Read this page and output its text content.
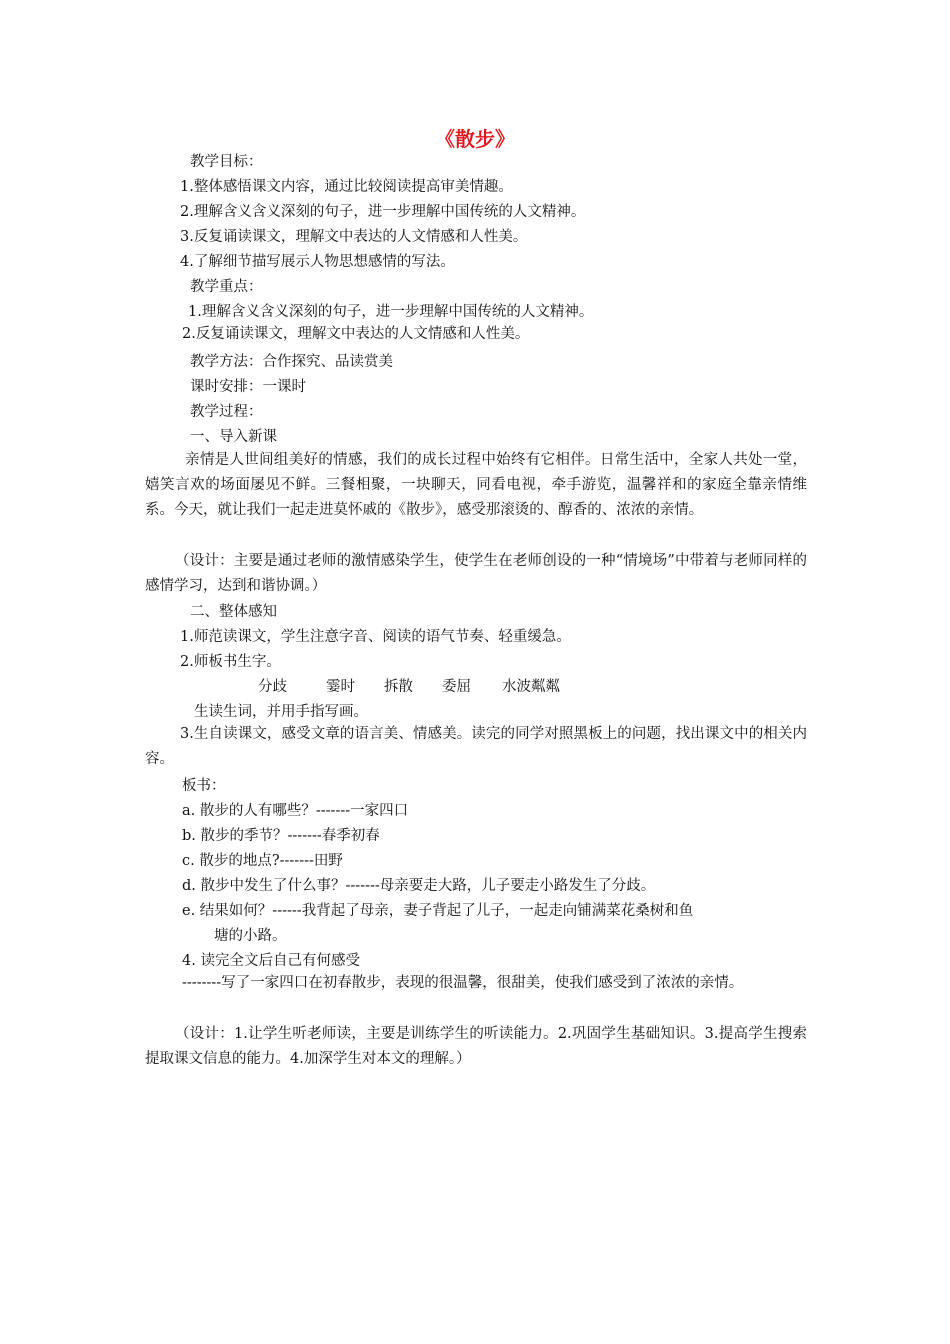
《散步》
教学目标：
1.整体感悟课文内容，通过比较阅读提高审美情趣。
2.理解含义含义深刻的句子，进一步理解中国传统的人文精神。
3.反复诵读课文，理解文中表达的人文情感和人性美。
4.了解细节描写展示人物思想感情的写法。
教学重点：
1.理解含义含义深刻的句子，进一步理解中国传统的人文精神。
2.反复诵读课文，理解文中表达的人文情感和人性美。
教学方法：合作探究、品读赏美
课时安排：一课时
教学过程：
一、导入新课
亲情是人世间组美好的情感，我们的成长过程中始终有它相伴。日常生活中，全家人共处一堂，嬉笑言欢的场面屡见不鲜。三餐相聚，一块聊天，同看电视，牵手游览，温馨祥和的家庭全靠亲情维系。今天，就让我们一起走进莫怀戚的《散步》，感受那滚烫的、醇香的、浓浓的亲情。
（设计：主要是通过老师的激情感染学生，使学生在老师创设的一种“情境场”中带着与老师同样的感情学习，达到和谐协调。）
二、整体感知
1.师范读课文，学生注意字音、阅读的语气节奏、轻重缓急。
2.师板书生字。
分歧	霎时	拆散	委屈	水波粼粼
生读生词，并用手指写画。
3.生自读课文，感受文章的语言美、情感美。读完的同学对照黑板上的问题，找出课文中的相关内容。
板书：
a. 散步的人有哪些？-------一家四口
b. 散步的季节？-------春季初春
c. 散步的地点?-------田野
d. 散步中发生了什么事？-------母亲要走大路，儿子要走小路发生了分歧。
e. 结果如何？------我背起了母亲，妻子背起了儿子，一起走向铺满菜花桑树和鱼
塘的小路。
4. 读完全文后自己有何感受
--------写了一家四口在初春散步，表现的很温馨，很甜美，使我们感受到了浓浓的亲情。
（设计：1.让学生听老师读，主要是训练学生的听读能力。2.巩固学生基础知识。3.提高学生搜索提取课文信息的能力。4.加深学生对本文的理解。）
